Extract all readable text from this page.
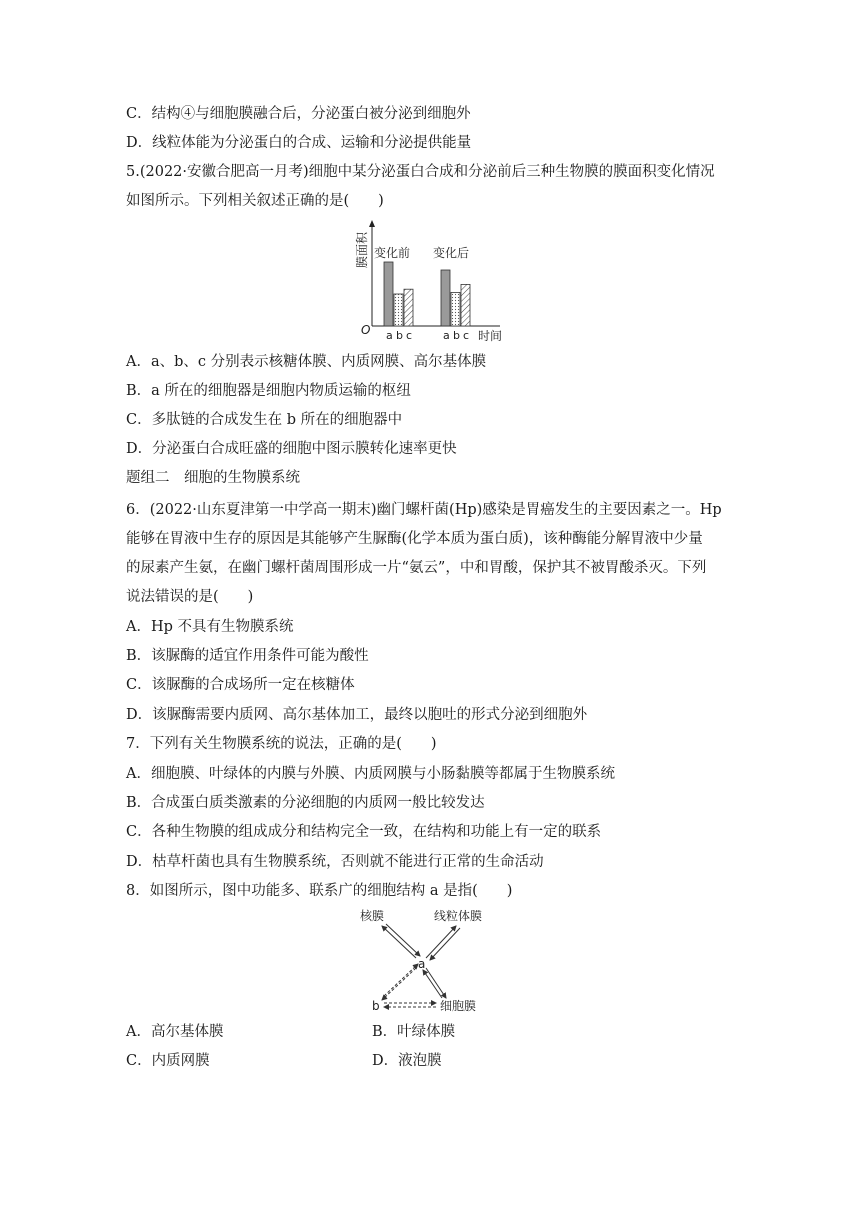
C．结构④与细胞膜融合后，分泌蛋白被分泌到细胞外
D．线粒体能为分泌蛋白的合成、运输和分泌提供能量
5.(2022·安徽合肥高一月考)细胞中某分泌蛋白合成和分泌前后三种生物膜的膜面积变化情况
如图所示。下列相关叙述正确的是(　　)
膜面积
O	时间
变化前 变化后
a b c	a b c
A．a、b、c 分别表示核糖体膜、内质网膜、高尔基体膜
B．a 所在的细胞器是细胞内物质运输的枢纽
C．多肽链的合成发生在 b 所在的细胞器中
D．分泌蛋白合成旺盛的细胞中图示膜转化速率更快
题组二　细胞的生物膜系统
6．(2022·山东夏津第一中学高一期末)幽门螺杆菌(Hp)感染是胃癌发生的主要因素之一。Hp
能够在胃液中生存的原因是其能够产生脲酶(化学本质为蛋白质)，该种酶能分解胃液中少量
的尿素产生氨，在幽门螺杆菌周围形成一片“氨云”，中和胃酸，保护其不被胃酸杀灭。下列
说法错误的是(　　)
A．Hp 不具有生物膜系统
B．该脲酶的适宜作用条件可能为酸性
C．该脲酶的合成场所一定在核糖体
D．该脲酶需要内质网、高尔基体加工，最终以胞吐的形式分泌到细胞外
7．下列有关生物膜系统的说法，正确的是(　　)
A．细胞膜、叶绿体的内膜与外膜、内质网膜与小肠黏膜等都属于生物膜系统
B．合成蛋白质类激素的分泌细胞的内质网一般比较发达
C．各种生物膜的组成成分和结构完全一致，在结构和功能上有一定的联系
D．枯草杆菌也具有生物膜系统，否则就不能进行正常的生命活动
8．如图所示，图中功能多、联系广的细胞结构 a 是指(　　)
核膜	线粒体膜
a
b	细胞膜
A．高尔基体膜	B．叶绿体膜
C．内质网膜	D．液泡膜
